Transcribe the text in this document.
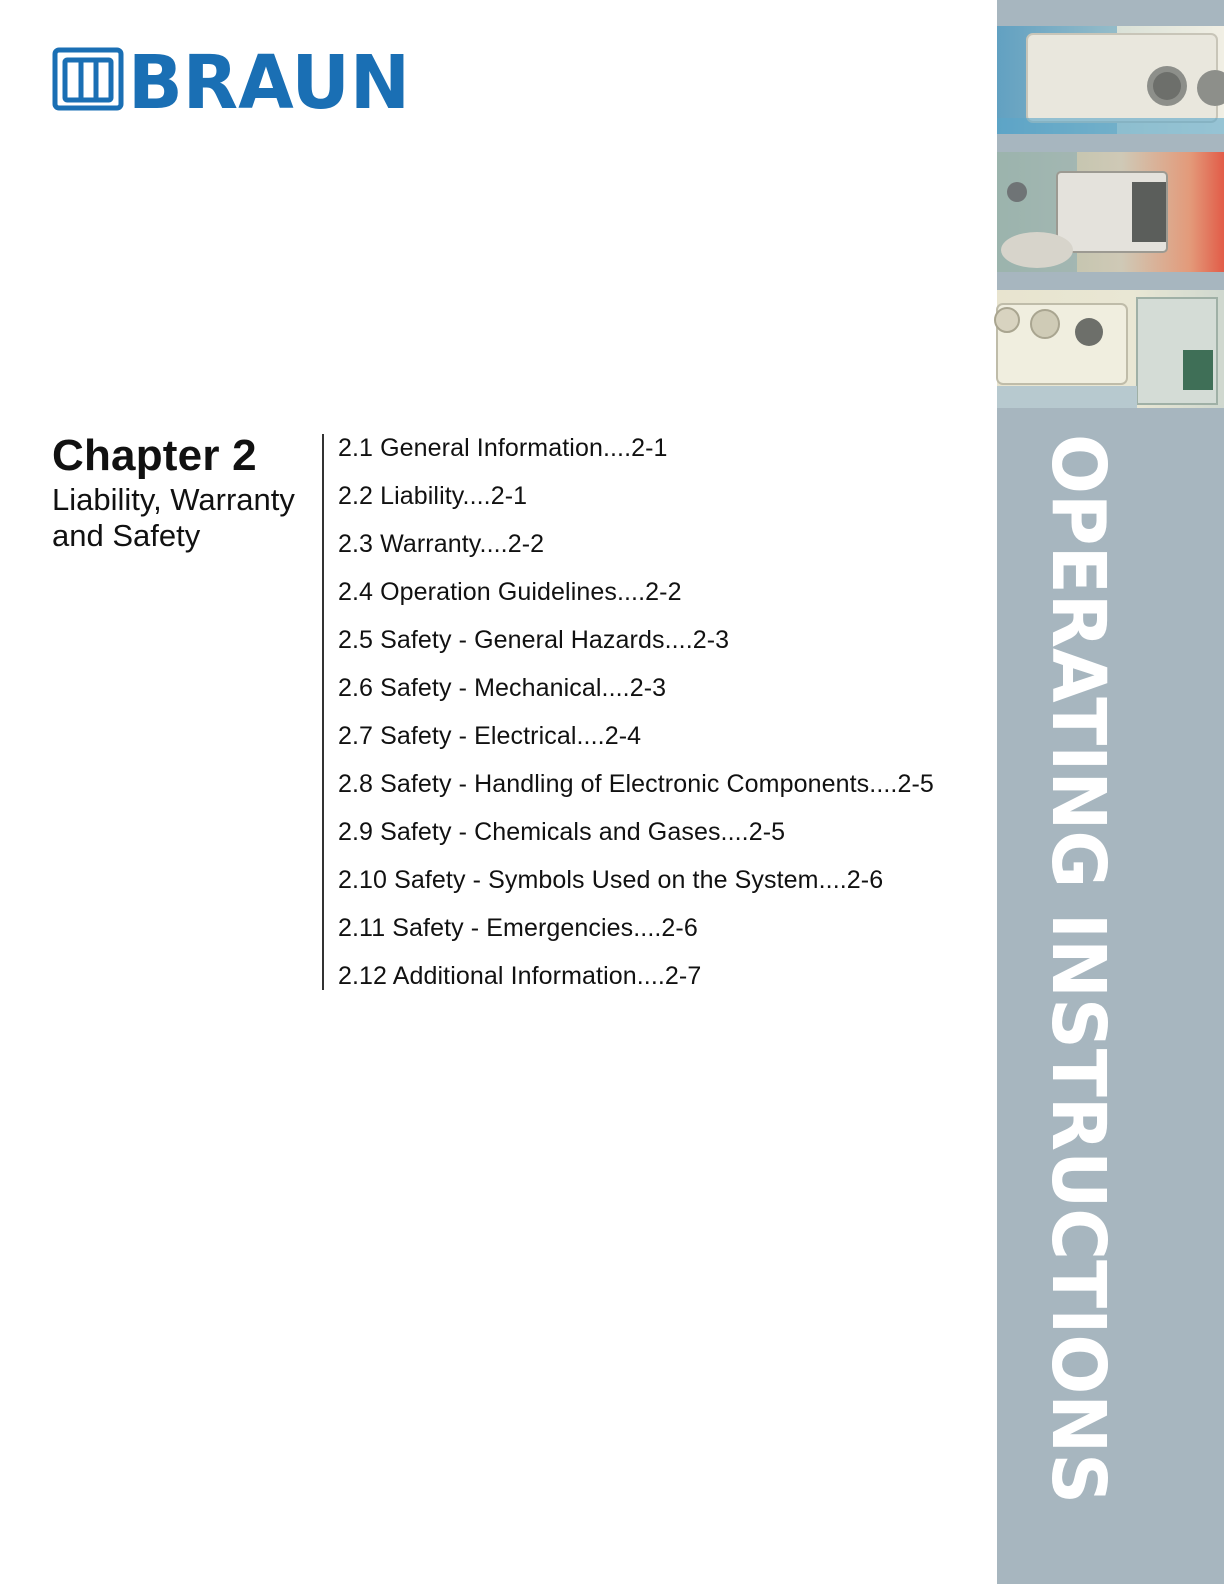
BRAUN
Chapter 2

Liability, Warranty
and Safety

2.1 General Information....2-1
2.2 Liability....2-1
2.3 Warranty....2-2
2.4 Operation Guidelines....2-2
2.5 Safety - General Hazards....2-3
2.6 Safety - Mechanical....2-3
2.7 Safety - Electrical....2-4
2.8 Safety - Handling of Electronic Components....2-5
2.9 Safety - Chemicals and Gases....2-5
2.10 Safety - Symbols Used on the System....2-6
2.11 Safety - Emergencies....2-6
2.12 Additional Information....2-7	OPERATING INSTRUCTIONS
